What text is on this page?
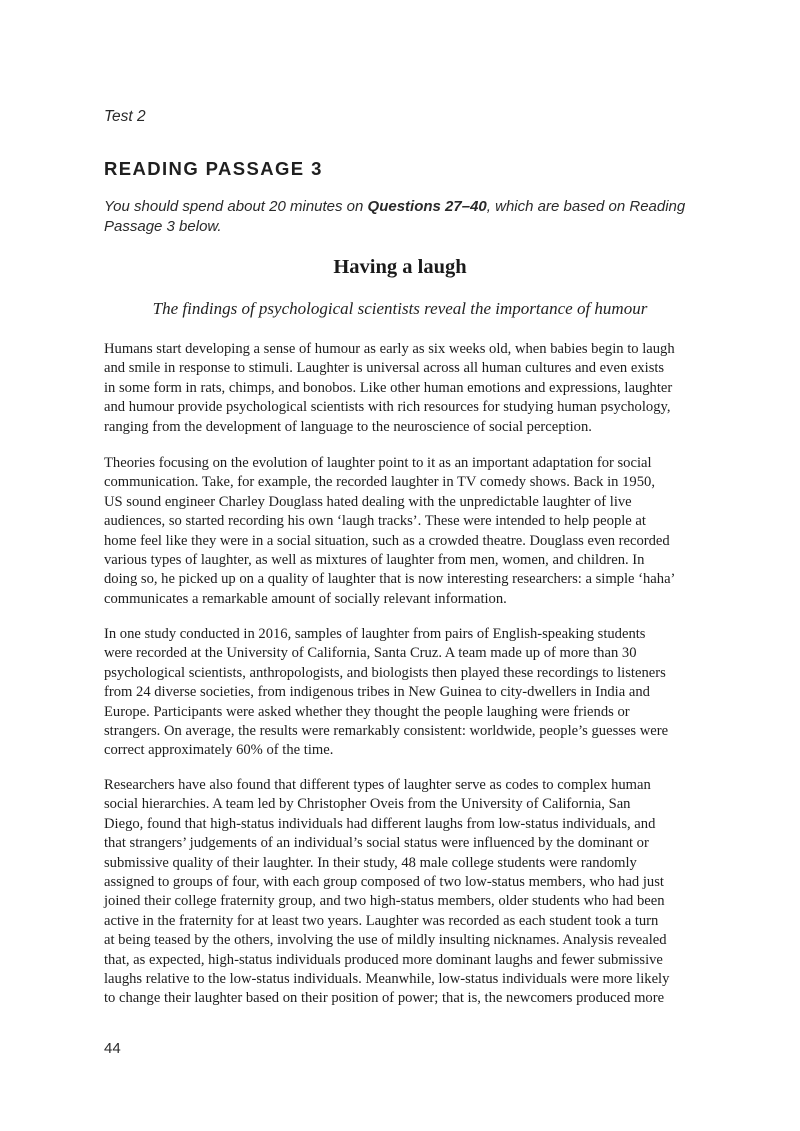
Test 2
READING PASSAGE 3
You should spend about 20 minutes on Questions 27–40, which are based on Reading
Passage 3 below.
Having a laugh
The findings of psychological scientists reveal the importance of humour
Humans start developing a sense of humour as early as six weeks old, when babies begin to laugh
and smile in response to stimuli. Laughter is universal across all human cultures and even exists
in some form in rats, chimps, and bonobos. Like other human emotions and expressions, laughter
and humour provide psychological scientists with rich resources for studying human psychology,
ranging from the development of language to the neuroscience of social perception.
Theories focusing on the evolution of laughter point to it as an important adaptation for social
communication. Take, for example, the recorded laughter in TV comedy shows. Back in 1950,
US sound engineer Charley Douglass hated dealing with the unpredictable laughter of live
audiences, so started recording his own ‘laugh tracks’. These were intended to help people at
home feel like they were in a social situation, such as a crowded theatre. Douglass even recorded
various types of laughter, as well as mixtures of laughter from men, women, and children. In
doing so, he picked up on a quality of laughter that is now interesting researchers: a simple ‘haha’
communicates a remarkable amount of socially relevant information.
In one study conducted in 2016, samples of laughter from pairs of English-speaking students
were recorded at the University of California, Santa Cruz. A team made up of more than 30
psychological scientists, anthropologists, and biologists then played these recordings to listeners
from 24 diverse societies, from indigenous tribes in New Guinea to city-dwellers in India and
Europe. Participants were asked whether they thought the people laughing were friends or
strangers. On average, the results were remarkably consistent: worldwide, people’s guesses were
correct approximately 60% of the time.
Researchers have also found that different types of laughter serve as codes to complex human
social hierarchies. A team led by Christopher Oveis from the University of California, San
Diego, found that high-status individuals had different laughs from low-status individuals, and
that strangers’ judgements of an individual’s social status were influenced by the dominant or
submissive quality of their laughter. In their study, 48 male college students were randomly
assigned to groups of four, with each group composed of two low-status members, who had just
joined their college fraternity group, and two high-status members, older students who had been
active in the fraternity for at least two years. Laughter was recorded as each student took a turn
at being teased by the others, involving the use of mildly insulting nicknames. Analysis revealed
that, as expected, high-status individuals produced more dominant laughs and fewer submissive
laughs relative to the low-status individuals. Meanwhile, low-status individuals were more likely
to change their laughter based on their position of power; that is, the newcomers produced more
44
